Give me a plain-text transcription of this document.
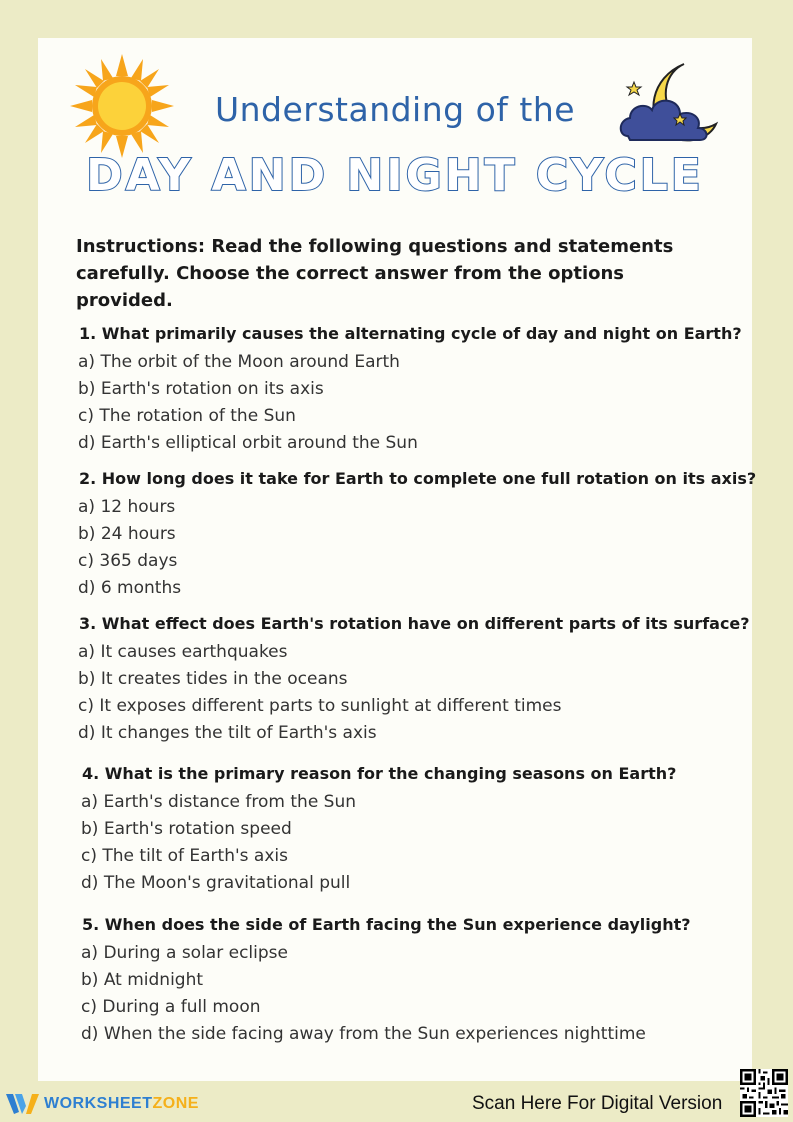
Understanding of the
DAY AND NIGHT CYCLE
Instructions: Read the following questions and statements carefully. Choose the correct answer from the options provided.
1. What primarily causes the alternating cycle of day and night on Earth?
a) The orbit of the Moon around Earth
b) Earth's rotation on its axis
c) The rotation of the Sun
d) Earth's elliptical orbit around the Sun
2. How long does it take for Earth to complete one full rotation on its axis?
a) 12 hours
b) 24 hours
c) 365 days
d) 6 months
3. What effect does Earth's rotation have on different parts of its surface?
a) It causes earthquakes
b) It creates tides in the oceans
c) It exposes different parts to sunlight at different times
d) It changes the tilt of Earth's axis
4. What is the primary reason for the changing seasons on Earth?
a) Earth's distance from the Sun
b) Earth's rotation speed
c) The tilt of Earth's axis
d) The Moon's gravitational pull
5. When does the side of Earth facing the Sun experience daylight?
a) During a solar eclipse
b) At midnight
c) During a full moon
d) When the side facing away from the Sun experiences nighttime
WORKSHEETZONE	Scan Here For Digital Version
